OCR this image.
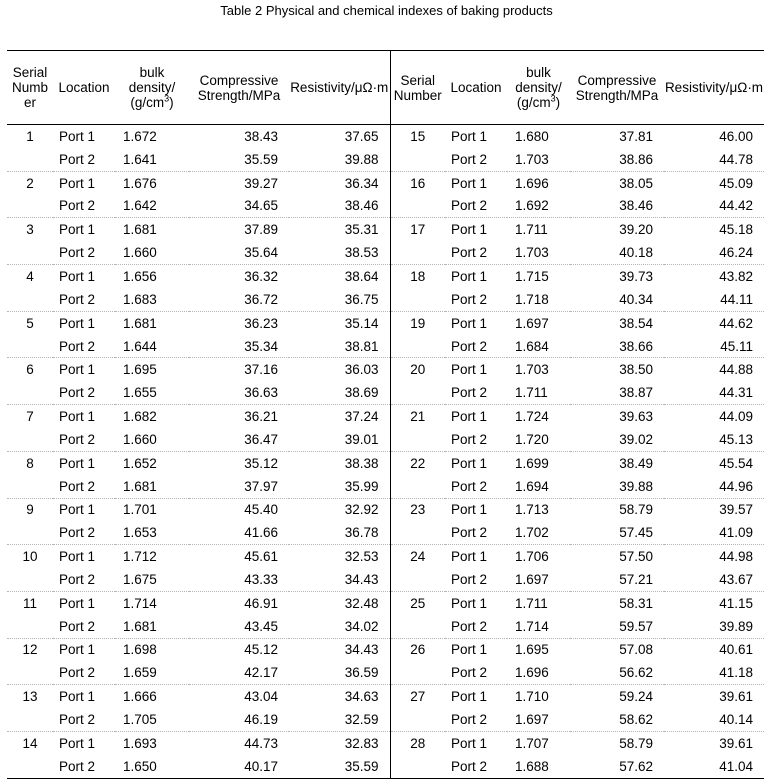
Table 2 Physical and chemical indexes of baking products
Serial Numb er	Location	bulk density/
$(g/cm^3)$	Compressive Strength/MPa	Resistivity/μΩ·m	Serial Number	Location	bulk density/
$(g/cm^3)$	Compressive Strength/MPa	Resistivity/μΩ·m
1	Port 1	1.672	38.43	37.65	15	Port 1	1.680	37.81	46.00
	Port 2	1.641	35.59	39.88		Port 2	1.703	38.86	44.78
2	Port 1	1.676	39.27	36.34	16	Port 1	1.696	38.05	45.09
	Port 2	1.642	34.65	38.46		Port 2	1.692	38.46	44.42
3	Port 1	1.681	37.89	35.31	17	Port 1	1.711	39.20	45.18
	Port 2	1.660	35.64	38.53		Port 2	1.703	40.18	46.24
4	Port 1	1.656	36.32	38.64	18	Port 1	1.715	39.73	43.82
	Port 2	1.683	36.72	36.75		Port 2	1.718	40.34	44.11
5	Port 1	1.681	36.23	35.14	19	Port 1	1.697	38.54	44.62
	Port 2	1.644	35.34	38.81		Port 2	1.684	38.66	45.11
6	Port 1	1.695	37.16	36.03	20	Port 1	1.703	38.50	44.88
	Port 2	1.655	36.63	38.69		Port 2	1.711	38.87	44.31
7	Port 1	1.682	36.21	37.24	21	Port 1	1.724	39.63	44.09
	Port 2	1.660	36.47	39.01		Port 2	1.720	39.02	45.13
8	Port 1	1.652	35.12	38.38	22	Port 1	1.699	38.49	45.54
	Port 2	1.681	37.97	35.99		Port 2	1.694	39.88	44.96
9	Port 1	1.701	45.40	32.92	23	Port 1	1.713	58.79	39.57
	Port 2	1.653	41.66	36.78		Port 2	1.702	57.45	41.09
10	Port 1	1.712	45.61	32.53	24	Port 1	1.706	57.50	44.98
	Port 2	1.675	43.33	34.43		Port 2	1.697	57.21	43.67
11	Port 1	1.714	46.91	32.48	25	Port 1	1.711	58.31	41.15
	Port 2	1.681	43.45	34.02		Port 2	1.714	59.57	39.89
12	Port 1	1.698	45.12	34.43	26	Port 1	1.695	57.08	40.61
	Port 2	1.659	42.17	36.59		Port 2	1.696	56.62	41.18
13	Port 1	1.666	43.04	34.63	27	Port 1	1.710	59.24	39.61
	Port 2	1.705	46.19	32.59		Port 2	1.697	58.62	40.14
14	Port 1	1.693	44.73	32.83	28	Port 1	1.707	58.79	39.61
	Port 2	1.650	40.17	35.59		Port 2	1.688	57.62	41.04
